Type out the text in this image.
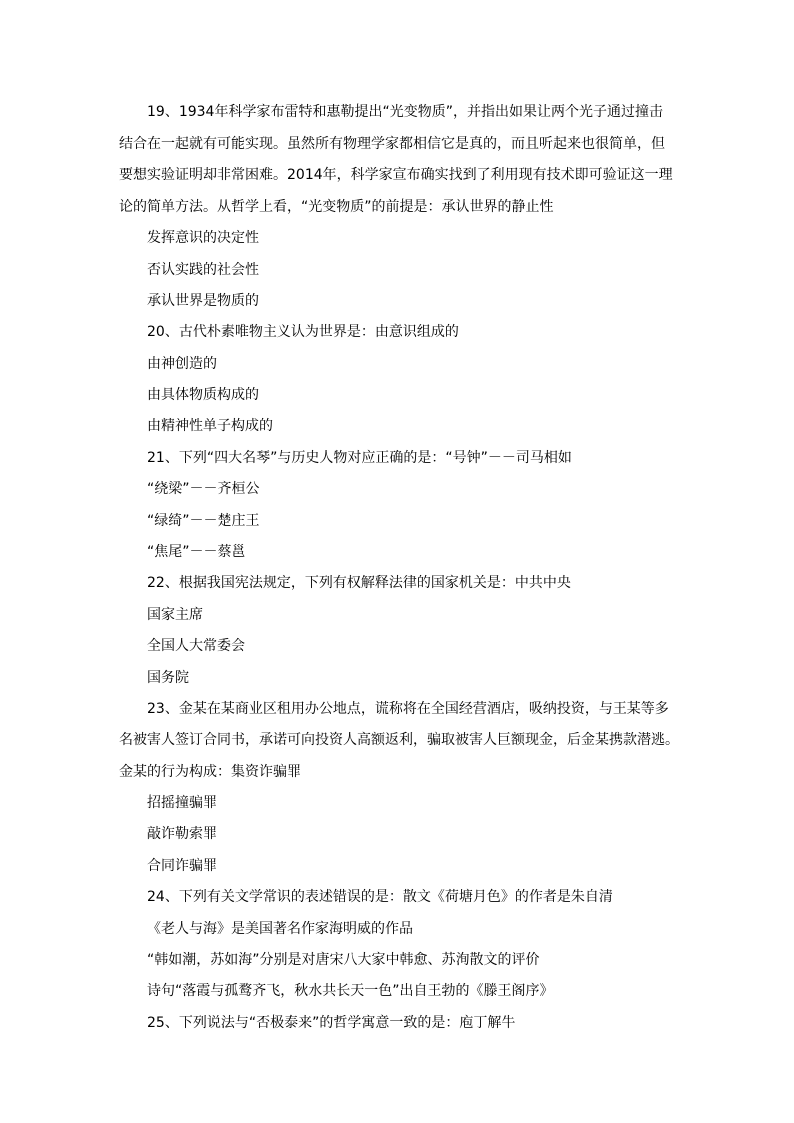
19、1934年科学家布雷特和惠勒提出“光变物质”，并指出如果让两个光子通过撞击
结合在一起就有可能实现。虽然所有物理学家都相信它是真的，而且听起来也很简单，但
要想实验证明却非常困难。2014年，科学家宣布确实找到了利用现有技术即可验证这一理
论的简单方法。从哲学上看，“光变物质”的前提是：承认世界的静止性
发挥意识的决定性
否认实践的社会性
承认世界是物质的
20、古代朴素唯物主义认为世界是：由意识组成的
由神创造的
由具体物质构成的
由精神性单子构成的
21、下列“四大名琴”与历史人物对应正确的是：“号钟”－－司马相如
“绕梁”－－齐桓公
“绿绮”－－楚庄王
“焦尾”－－蔡邕
22、根据我国宪法规定，下列有权解释法律的国家机关是：中共中央
国家主席
全国人大常委会
国务院
23、金某在某商业区租用办公地点，谎称将在全国经营酒店，吸纳投资，与王某等多
名被害人签订合同书，承诺可向投资人高额返利，骗取被害人巨额现金，后金某携款潜逃。
金某的行为构成：集资诈骗罪
招摇撞骗罪
敲诈勒索罪
合同诈骗罪
24、下列有关文学常识的表述错误的是：散文《荷塘月色》的作者是朱自清
《老人与海》是美国著名作家海明威的作品
“韩如潮，苏如海”分别是对唐宋八大家中韩愈、苏洵散文的评价
诗句“落霞与孤鹜齐飞，秋水共长天一色”出自王勃的《滕王阁序》
25、下列说法与“否极泰来”的哲学寓意一致的是：庖丁解牛
